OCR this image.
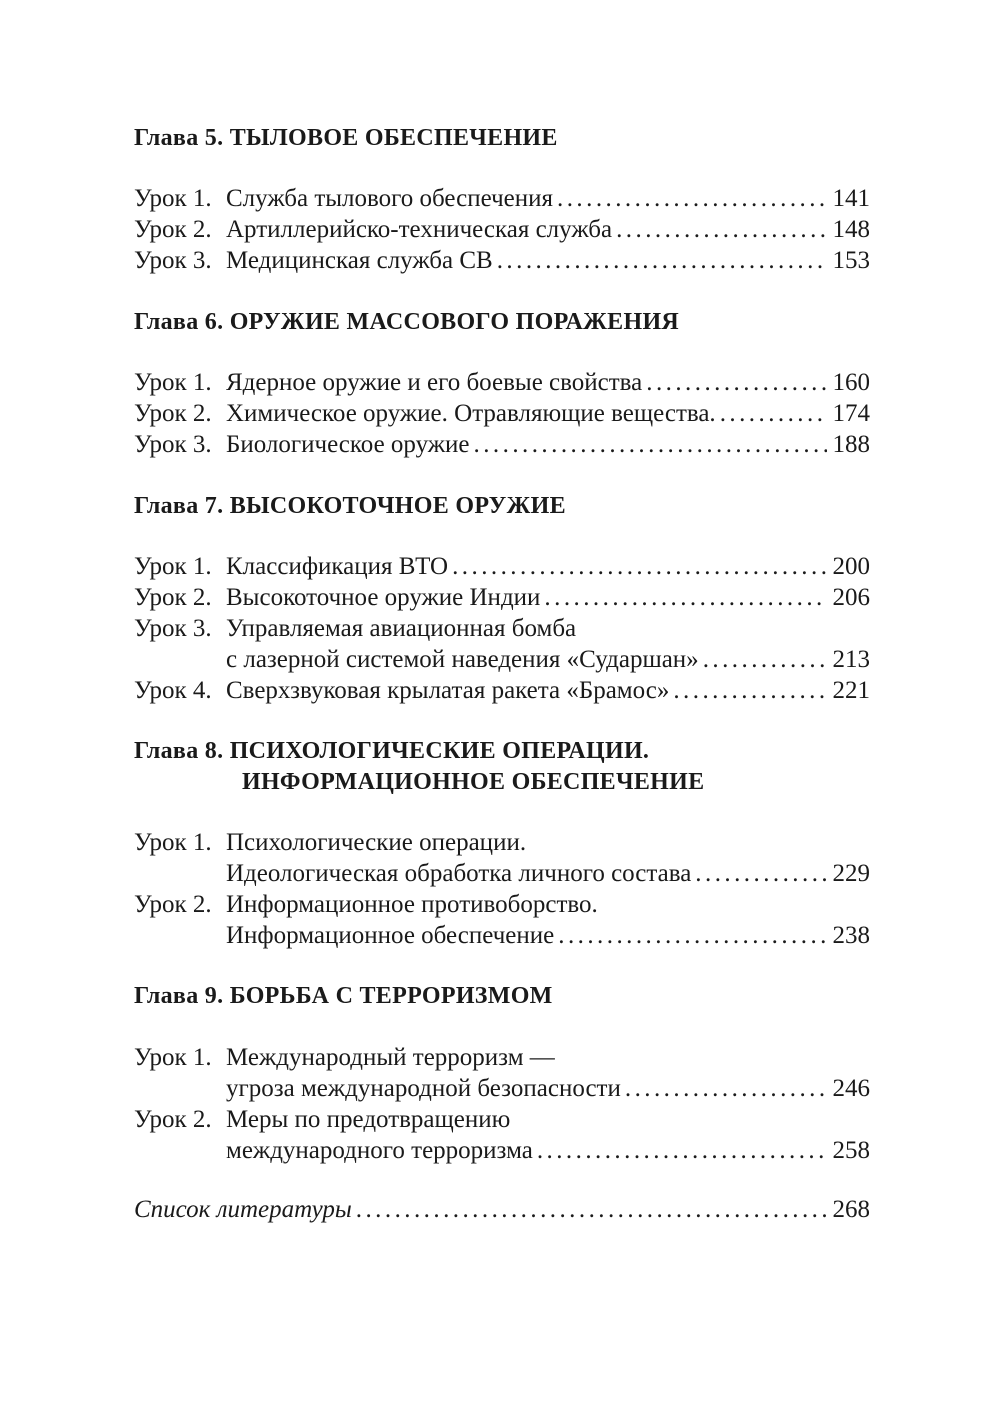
Глава 5. ТЫЛОВОЕ ОБЕСПЕЧЕНИЕ
Урок 1. Служба тылового обеспечения . . .	141
Урок 2. Артиллерийско-техническая служба . . .	148
Урок 3. Медицинская служба СВ . . .	153
Глава 6. ОРУЖИЕ МАССОВОГО ПОРАЖЕНИЯ
Урок 1. Ядерное оружие и его боевые свойства . . .	160
Урок 2. Химическое оружие. Отравляющие вещества. . . .	174
Урок 3. Биологическое оружие . . .	188
Глава 7. ВЫСОКОТОЧНОЕ ОРУЖИЕ
Урок 1. Классификация ВТО . . .	200
Урок 2. Высокоточное оружие Индии . . .	206
Урок 3. Управляемая авиационная бомба
с лазерной системой наведения «Сударшан» . . .	213
Урок 4. Сверхзвуковая крылатая ракета «Брамос» . . .	221
Глава 8. ПСИХОЛОГИЧЕСКИЕ ОПЕРАЦИИ.
ИНФОРМАЦИОННОЕ ОБЕСПЕЧЕНИЕ
Урок 1. Психологические операции.
Идеологическая обработка личного состава . . .	229
Урок 2. Информационное противоборство.
Информационное обеспечение . . .	238
Глава 9. БОРЬБА С ТЕРРОРИЗМОМ
Урок 1. Международный терроризм —
угроза международной безопасности . . .	246
Урок 2. Меры по предотвращению
международного терроризма . . .	258
Список литературы . . .	268
